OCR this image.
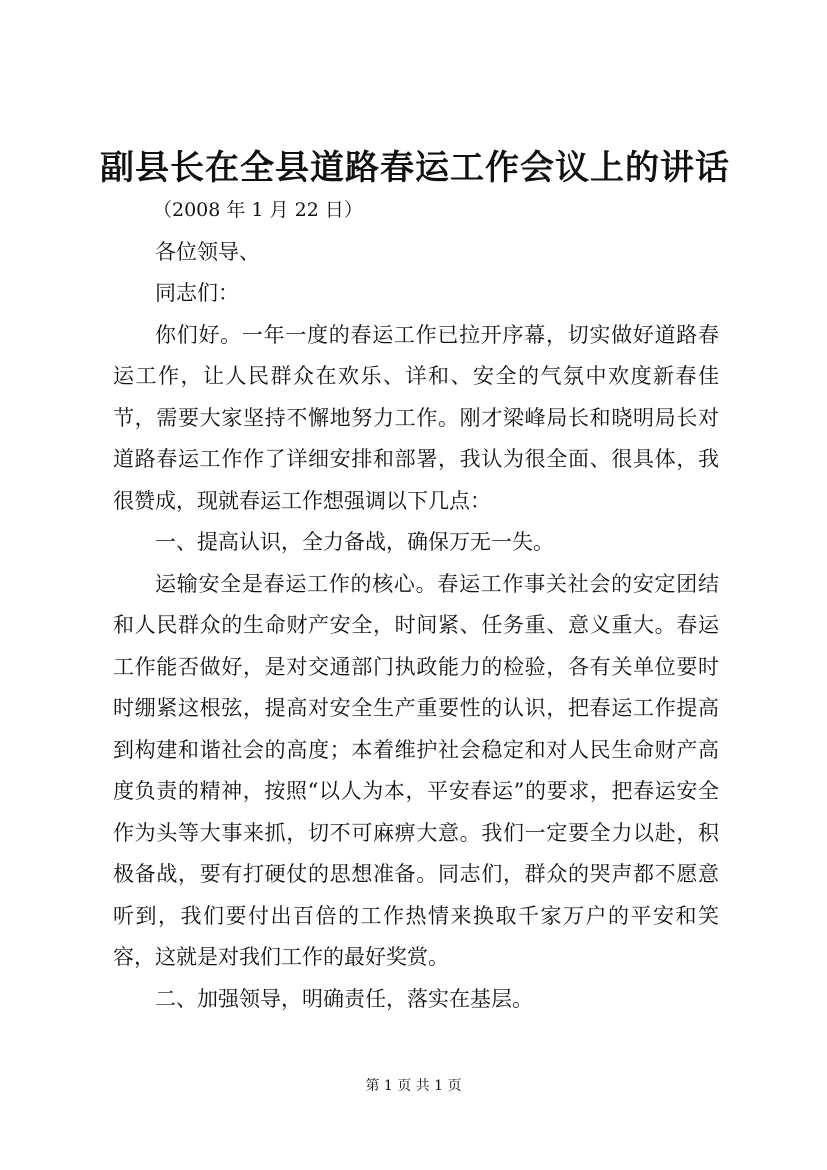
副县长在全县道路春运工作会议上的讲话

（2008 年 1 月 22 日）

各位领导、

同志们：

你们好。一年一度的春运工作已拉开序幕，切实做好道路春运工作，让人民群众在欢乐、详和、安全的气氛中欢度新春佳节，需要大家坚持不懈地努力工作。刚才梁峰局长和晓明局长对道路春运工作作了详细安排和部署，我认为很全面、很具体，我很赞成，现就春运工作想强调以下几点：

一、提高认识，全力备战，确保万无一失。

运输安全是春运工作的核心。春运工作事关社会的安定团结和人民群众的生命财产安全，时间紧、任务重、意义重大。春运工作能否做好，是对交通部门执政能力的检验，各有关单位要时时绷紧这根弦，提高对安全生产重要性的认识，把春运工作提高到构建和谐社会的高度；本着维护社会稳定和对人民生命财产高度负责的精神，按照“以人为本，平安春运”的要求，把春运安全作为头等大事来抓，切不可麻痹大意。我们一定要全力以赴，积极备战，要有打硬仗的思想准备。同志们，群众的哭声都不愿意听到，我们要付出百倍的工作热情来换取千家万户的平安和笑容，这就是对我们工作的最好奖赏。

二、加强领导，明确责任，落实在基层。

第 1 页 共 1 页
